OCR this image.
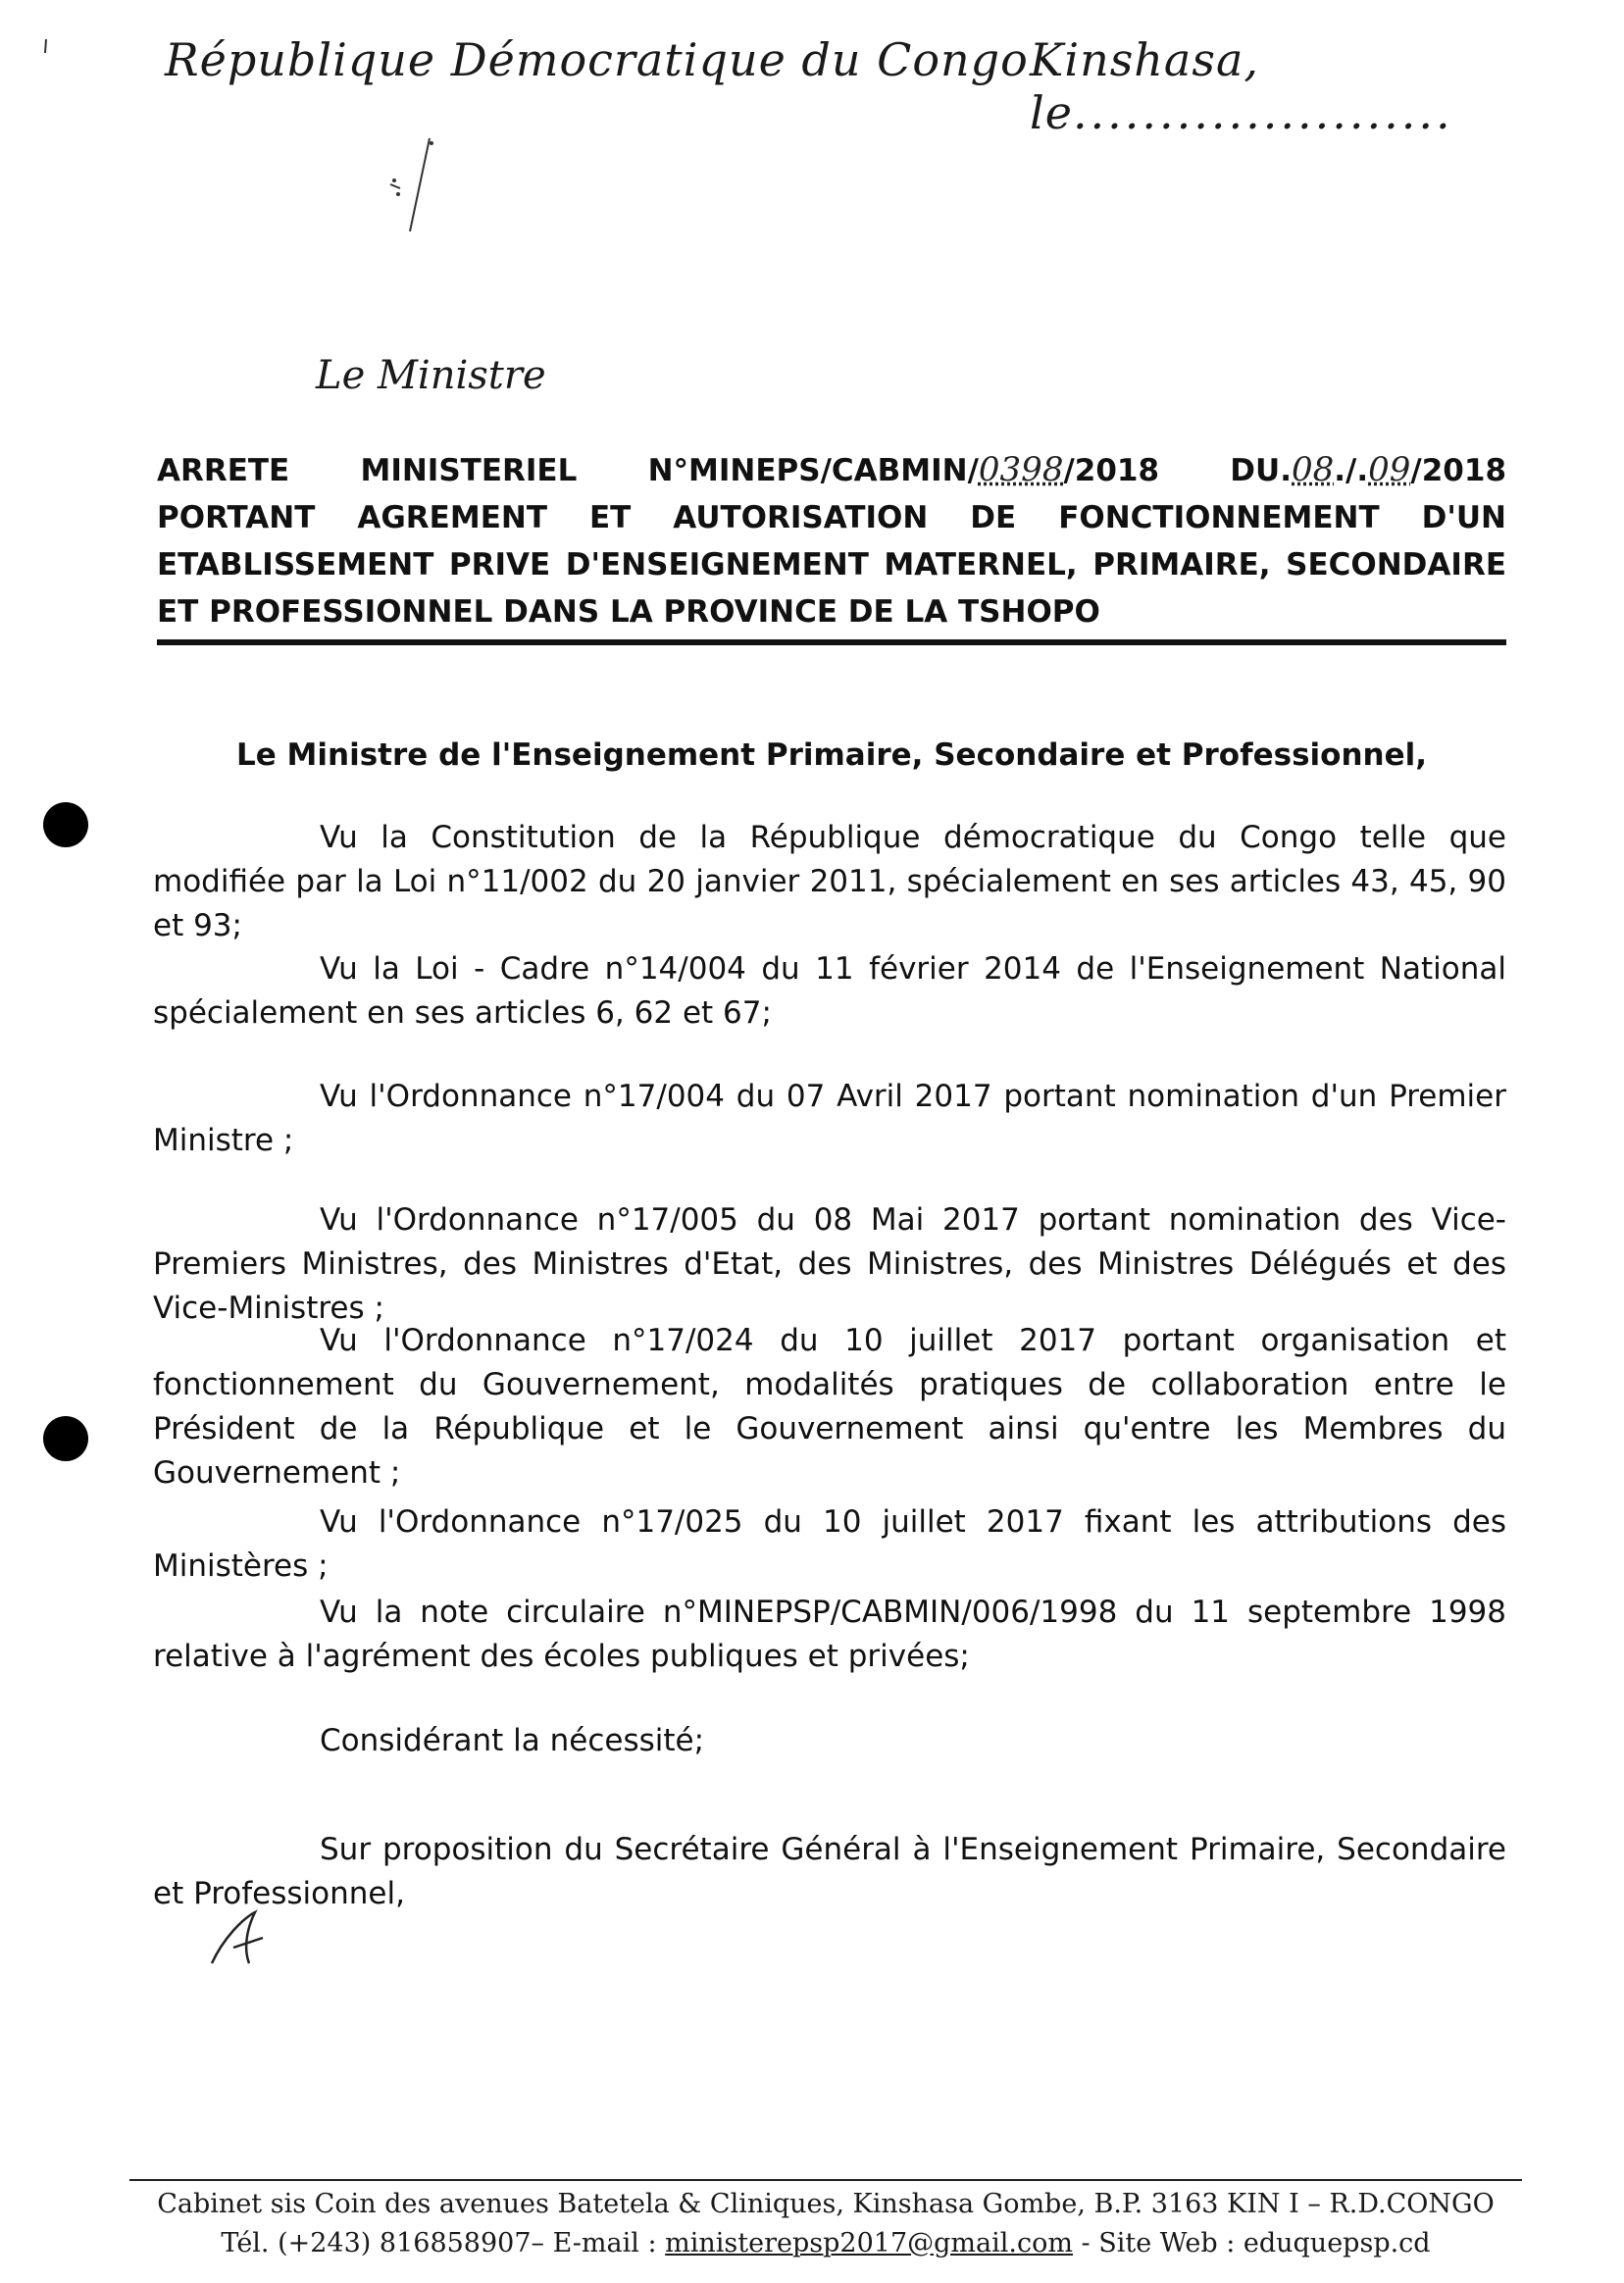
République Démocratique du Congo Kinshasa, le......................
Le Ministre
ARRETE MINISTERIEL N°MINEPS/CABMIN/0398/2018 DU.08./.09/2018
PORTANT AGREMENT ET AUTORISATION DE FONCTIONNEMENT D'UN
ETABLISSEMENT PRIVE D'ENSEIGNEMENT MATERNEL, PRIMAIRE, SECONDAIRE
ET PROFESSIONNEL DANS LA PROVINCE DE LA TSHOPO
Le Ministre de l'Enseignement Primaire, Secondaire et Professionnel,
Vu la Constitution de la République démocratique du Congo telle que modifiée par la Loi n°11/002 du 20 janvier 2011, spécialement en ses articles 43, 45, 90 et 93;
Vu la Loi - Cadre n°14/004 du 11 février 2014 de l'Enseignement National spécialement en ses articles 6, 62 et 67;
Vu l'Ordonnance n°17/004 du 07 Avril 2017 portant nomination d'un Premier Ministre ;
Vu l'Ordonnance n°17/005 du 08 Mai 2017 portant nomination des Vice-Premiers Ministres, des Ministres d'Etat, des Ministres, des Ministres Délégués et des Vice-Ministres ;
Vu l'Ordonnance n°17/024 du 10 juillet 2017 portant organisation et fonctionnement du Gouvernement, modalités pratiques de collaboration entre le Président de la République et le Gouvernement ainsi qu'entre les Membres du Gouvernement ;
Vu l'Ordonnance n°17/025 du 10 juillet 2017 fixant les attributions des Ministères ;
Vu la note circulaire n°MINEPSP/CABMIN/006/1998 du 11 septembre 1998 relative à l'agrément des écoles publiques et privées;
Considérant la nécessité;
Sur proposition du Secrétaire Général à l'Enseignement Primaire, Secondaire et Professionnel,
Cabinet sis Coin des avenues Batetela & Cliniques, Kinshasa Gombe, B.P. 3163 KIN I – R.D.CONGO
Tél. (+243) 816858907– E-mail : ministerepsp2017@gmail.com - Site Web : eduquepsp.cd
